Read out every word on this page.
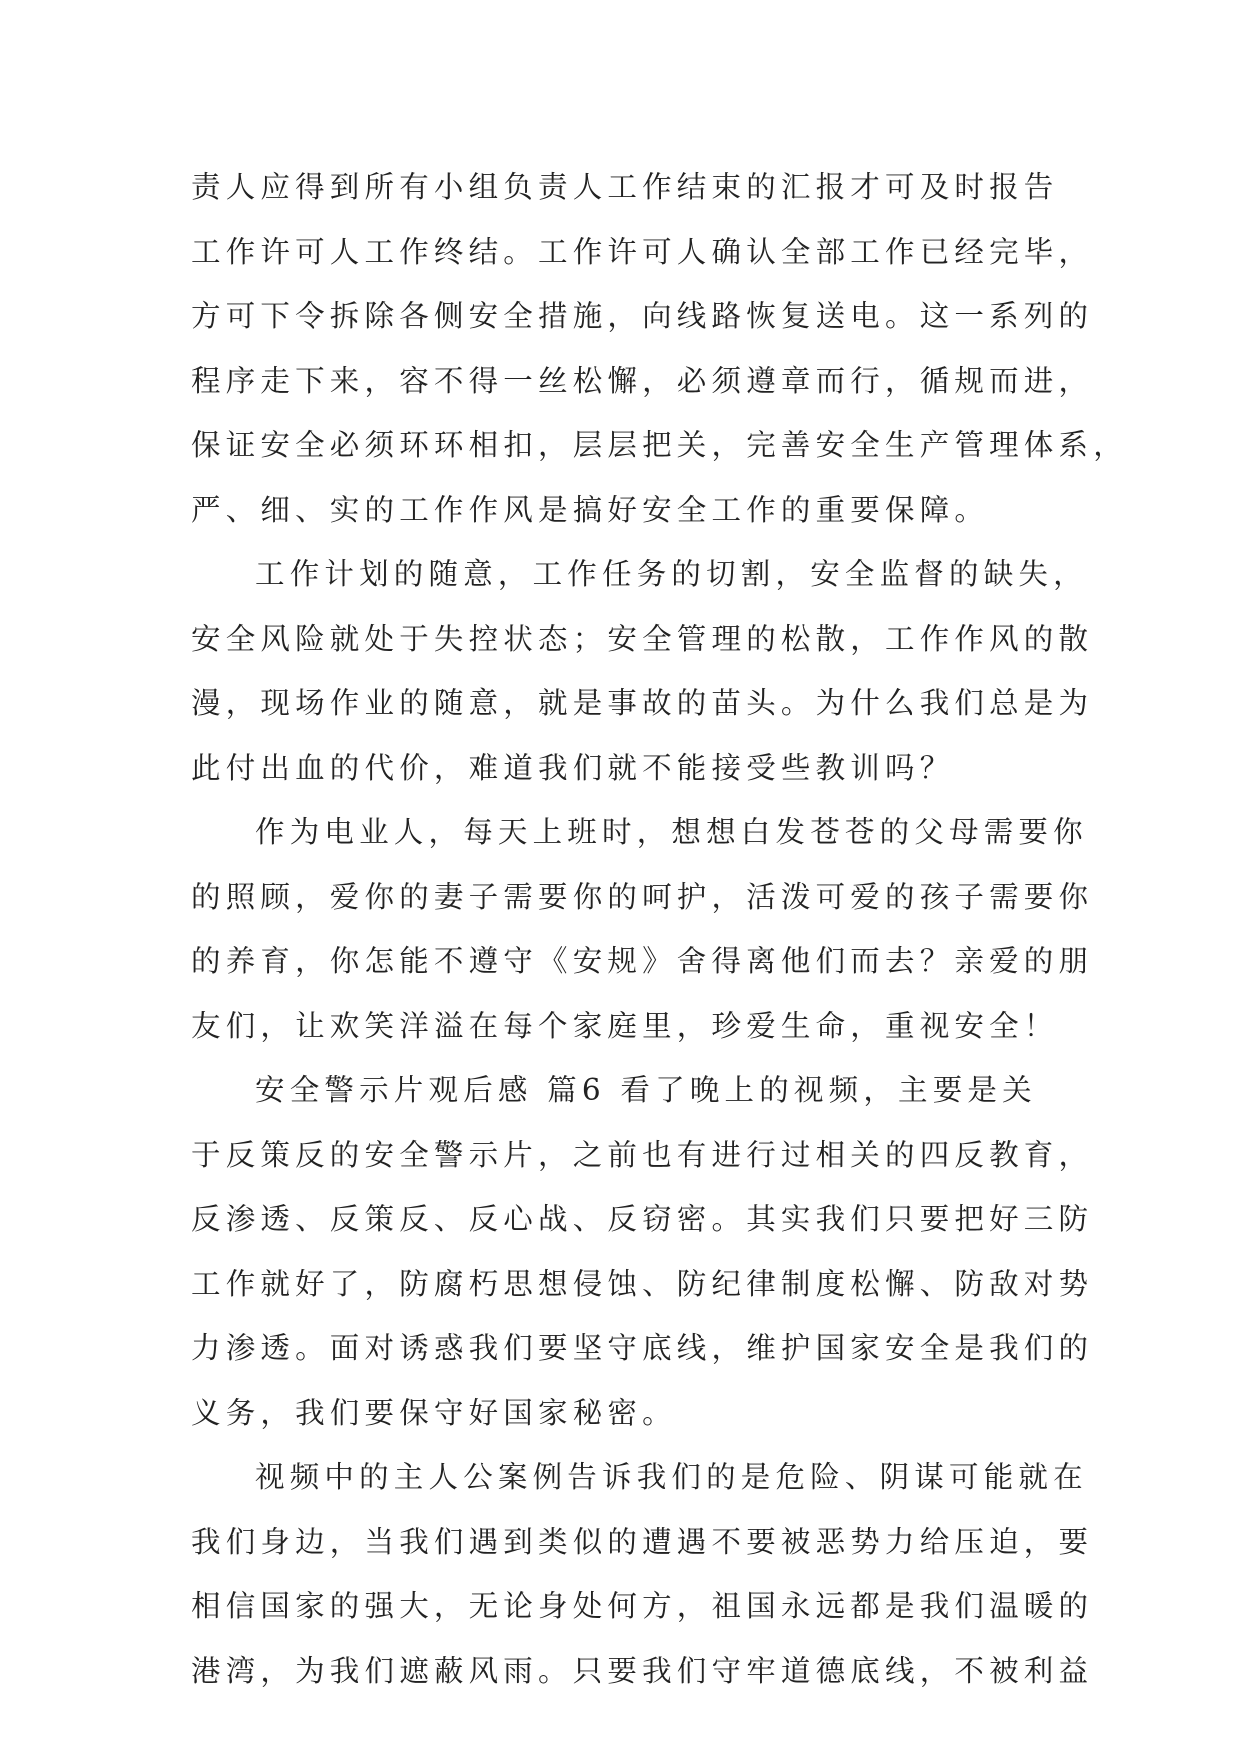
责人应得到所有小组负责人工作结束的汇报才可及时报告
工作许可人工作终结。工作许可人确认全部工作已经完毕，
方可下令拆除各侧安全措施，向线路恢复送电。这一系列的
程序走下来，容不得一丝松懈，必须遵章而行，循规而进，
保证安全必须环环相扣，层层把关，完善安全生产管理体系，
严、细、实的工作作风是搞好安全工作的重要保障。
工作计划的随意，工作任务的切割，安全监督的缺失，
安全风险就处于失控状态；安全管理的松散，工作作风的散
漫，现场作业的随意，就是事故的苗头。为什么我们总是为
此付出血的代价，难道我们就不能接受些教训吗？
作为电业人，每天上班时，想想白发苍苍的父母需要你
的照顾，爱你的妻子需要你的呵护，活泼可爱的孩子需要你
的养育，你怎能不遵守《安规》舍得离他们而去？亲爱的朋
友们，让欢笑洋溢在每个家庭里，珍爱生命，重视安全！
安全警示片观后感 篇6 看了晚上的视频，主要是关
于反策反的安全警示片，之前也有进行过相关的四反教育，
反渗透、反策反、反心战、反窃密。其实我们只要把好三防
工作就好了，防腐朽思想侵蚀、防纪律制度松懈、防敌对势
力渗透。面对诱惑我们要坚守底线，维护国家安全是我们的
义务，我们要保守好国家秘密。
视频中的主人公案例告诉我们的是危险、阴谋可能就在
我们身边，当我们遇到类似的遭遇不要被恶势力给压迫，要
相信国家的强大，无论身处何方，祖国永远都是我们温暖的
港湾，为我们遮蔽风雨。只要我们守牢道德底线，不被利益
